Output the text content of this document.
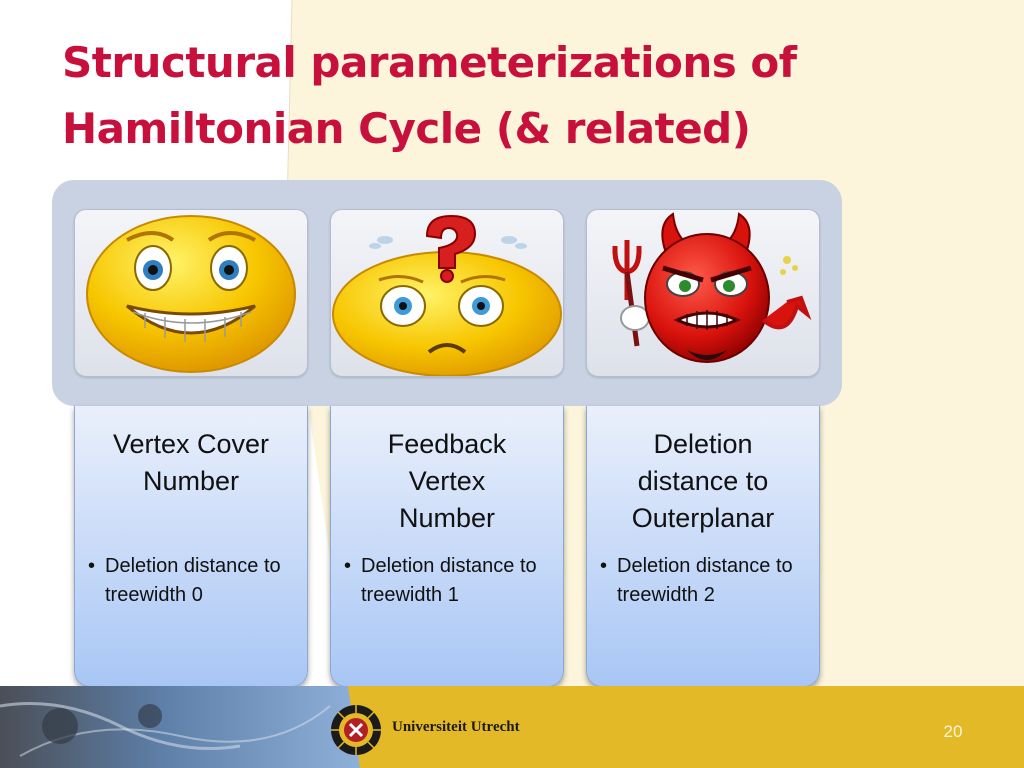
Structural parameterizations of
Hamiltonian Cycle (& related)
Vertex Cover Number
• Deletion distance to treewidth 0
Feedback Vertex Number
• Deletion distance to treewidth 1
Deletion distance to Outerplanar
• Deletion distance to treewidth 2
Universiteit Utrecht	20
